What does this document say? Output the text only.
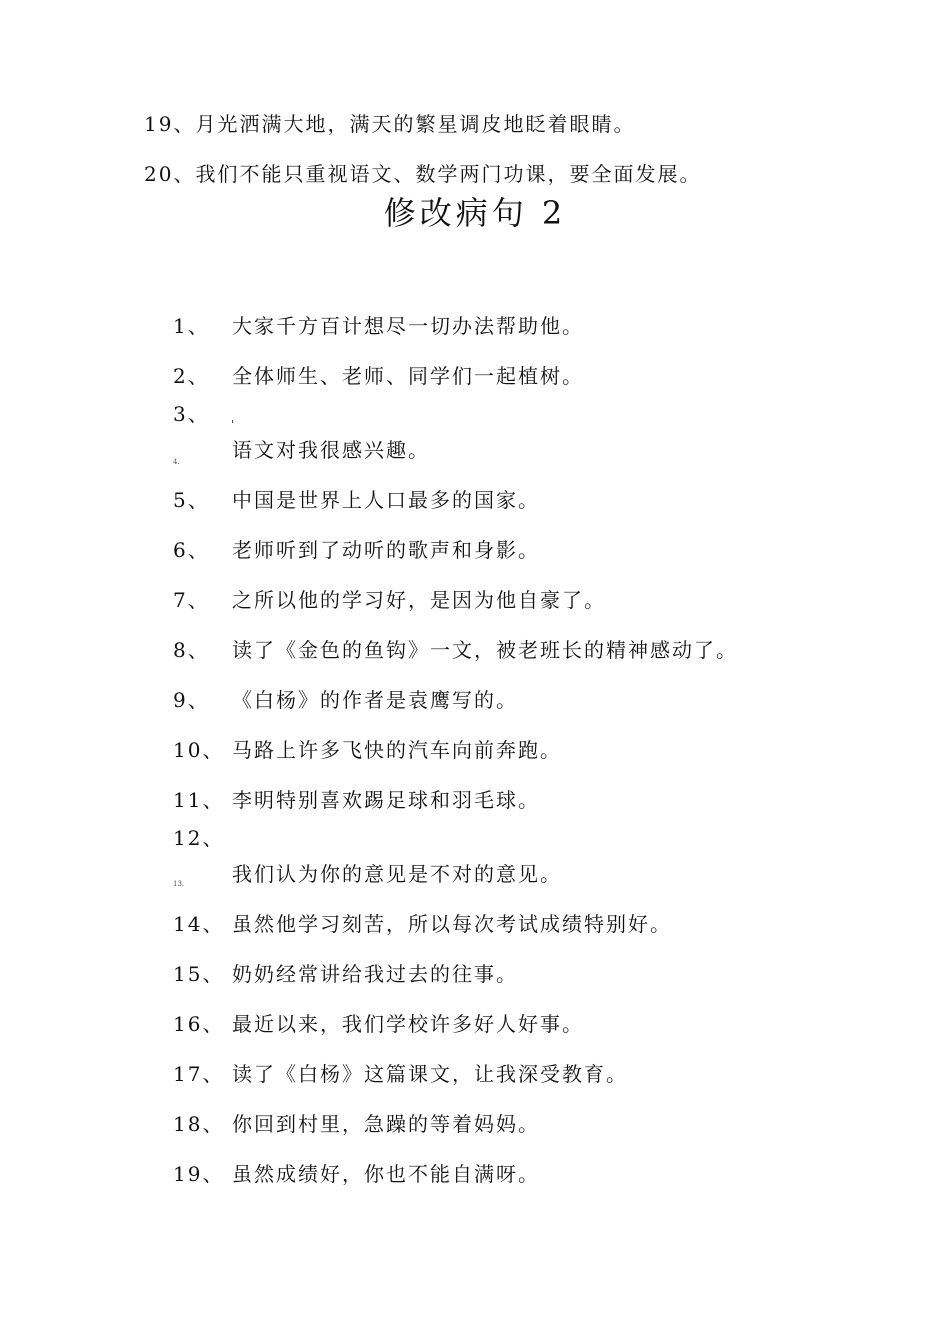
19、月光洒满大地，满天的繁星调皮地眨着眼睛。
20、我们不能只重视语文、数学两门功课，要全面发展。
修改病句 2
1、 大家千方百计想尽一切办法帮助他。
2、 全体师生、老师、同学们一起植树。
3、 '
4.	语文对我很感兴趣。
5、 中国是世界上人口最多的国家。
6、 老师听到了动听的歌声和身影。
7、 之所以他的学习好，是因为他自豪了。
8、 读了《金色的鱼钩》一文，被老班长的精神感动了。
9、 《白杨》的作者是袁鹰写的。
10、 马路上许多飞快的汽车向前奔跑。
11、 李明特别喜欢踢足球和羽毛球。
12、
13. 我们认为你的意见是不对的意见。
14、 虽然他学习刻苦，所以每次考试成绩特别好。
15、 奶奶经常讲给我过去的往事。
16、 最近以来，我们学校许多好人好事。
17、 读了《白杨》这篇课文，让我深受教育。
18、 你回到村里，急躁的等着妈妈。
19、 虽然成绩好，你也不能自满呀。
